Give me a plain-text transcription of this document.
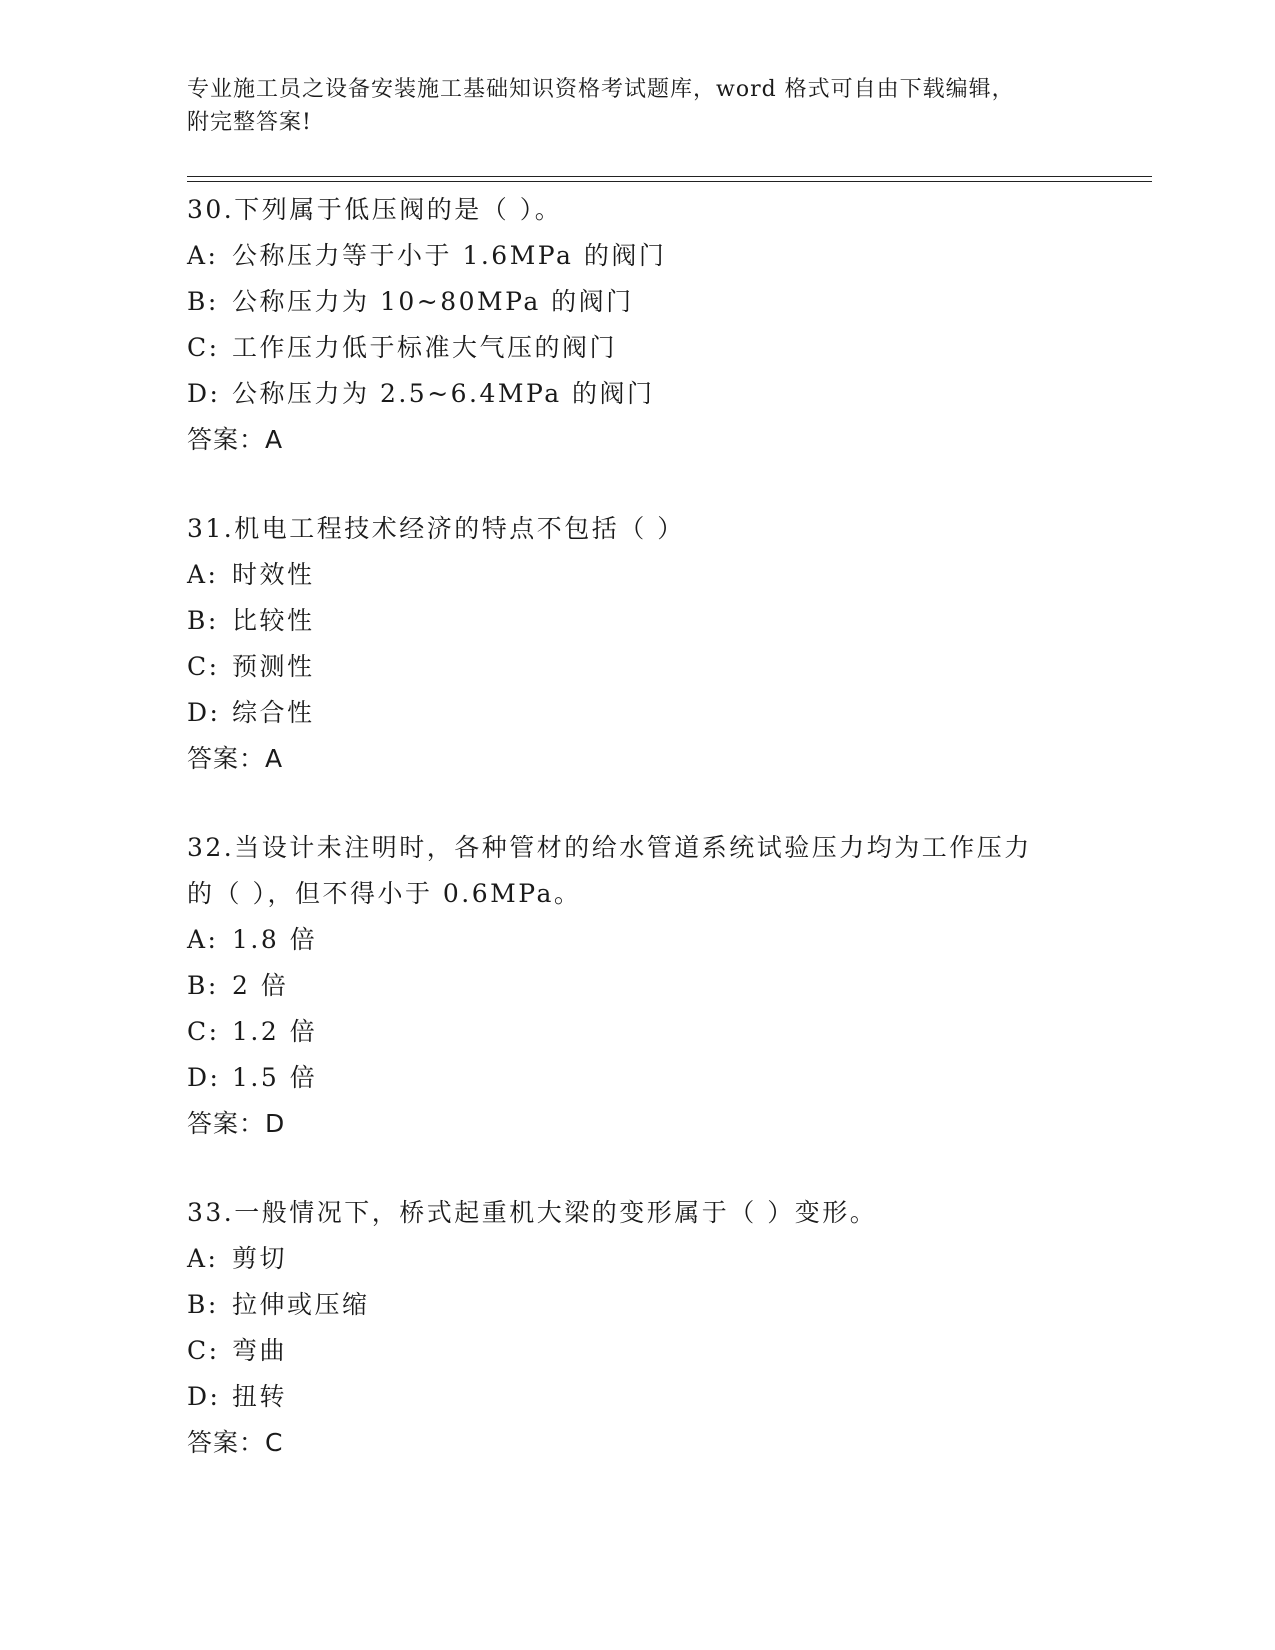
专业施工员之设备安装施工基础知识资格考试题库，word 格式可自由下载编辑，
附完整答案!
30.下列属于低压阀的是（ ）。
A: 公称压力等于小于 1.6MPa 的阀门
B: 公称压力为 10~80MPa 的阀门
C: 工作压力低于标准大气压的阀门
D: 公称压力为 2.5~6.4MPa 的阀门
答案：A
31.机电工程技术经济的特点不包括（ ）
A: 时效性
B: 比较性
C: 预测性
D: 综合性
答案：A
32.当设计未注明时，各种管材的给水管道系统试验压力均为工作压力
的（ ），但不得小于 0.6MPa。
A: 1.8 倍
B: 2 倍
C: 1.2 倍
D: 1.5 倍
答案：D
33.一般情况下，桥式起重机大梁的变形属于（ ）变形。
A: 剪切
B: 拉伸或压缩
C: 弯曲
D: 扭转
答案：C
